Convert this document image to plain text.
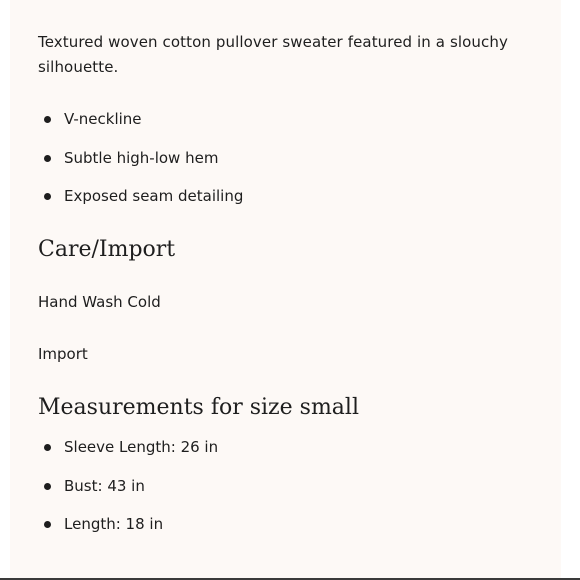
Textured woven cotton pullover sweater featured in a slouchy silhouette.

V-neckline
Subtle high-low hem
Exposed seam detailing
Care/Import
Hand Wash Cold
Import
Measurements for size small
Sleeve Length: 26 in
Bust: 43 in
Length: 18 in
